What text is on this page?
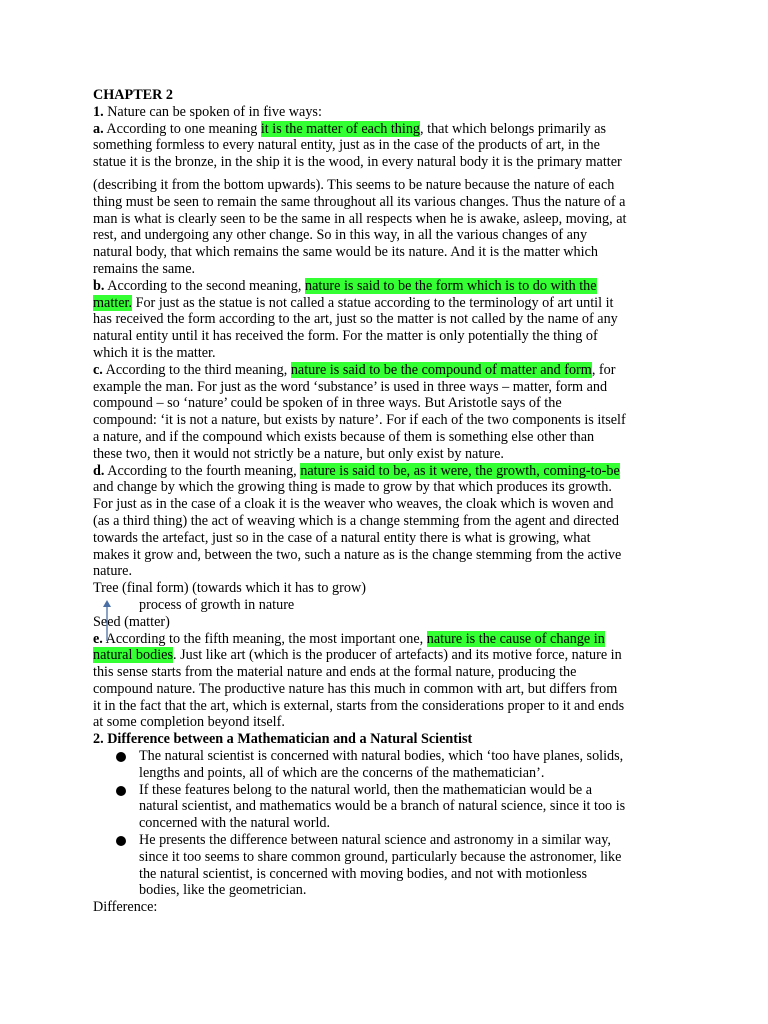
CHAPTER 2
1. Nature can be spoken of in five ways:
a. According to one meaning it is the matter of each thing, that which belongs primarily as
something formless to every natural entity, just as in the case of the products of art, in the
statue it is the bronze, in the ship it is the wood, in every natural body it is the primary matter
(describing it from the bottom upwards). This seems to be nature because the nature of each
thing must be seen to remain the same throughout all its various changes. Thus the nature of a
man is what is clearly seen to be the same in all respects when he is awake, asleep, moving, at
rest, and undergoing any other change. So in this way, in all the various changes of any
natural body, that which remains the same would be its nature. And it is the matter which
remains the same.
b. According to the second meaning, nature is said to be the form which is to do with the
matter. For just as the statue is not called a statue according to the terminology of art until it
has received the form according to the art, just so the matter is not called by the name of any
natural entity until it has received the form. For the matter is only potentially the thing of
which it is the matter.
c. According to the third meaning, nature is said to be the compound of matter and form, for
example the man. For just as the word ‘substance’ is used in three ways – matter, form and
compound – so ‘nature’ could be spoken of in three ways. But Aristotle says of the
compound: ‘it is not a nature, but exists by nature’. For if each of the two components is itself
a nature, and if the compound which exists because of them is something else other than
these two, then it would not strictly be a nature, but only exist by nature.
d. According to the fourth meaning, nature is said to be, as it were, the growth, coming-to-be
and change by which the growing thing is made to grow by that which produces its growth.
For just as in the case of a cloak it is the weaver who weaves, the cloak which is woven and
(as a third thing) the act of weaving which is a change stemming from the agent and directed
towards the artefact, just so in the case of a natural entity there is what is growing, what
makes it grow and, between the two, such a nature as is the change stemming from the active
nature.
Tree (final form) (towards which it has to grow)
process of growth in nature
Seed (matter)
e. According to the fifth meaning, the most important one, nature is the cause of change in
natural bodies. Just like art (which is the producer of artefacts) and its motive force, nature in
this sense starts from the material nature and ends at the formal nature, producing the
compound nature. The productive nature has this much in common with art, but differs from
it in the fact that the art, which is external, starts from the considerations proper to it and ends
at some completion beyond itself.
2. Difference between a Mathematician and a Natural Scientist
The natural scientist is concerned with natural bodies, which ‘too have planes, solids,
lengths and points, all of which are the concerns of the mathematician’.
If these features belong to the natural world, then the mathematician would be a
natural scientist, and mathematics would be a branch of natural science, since it too is
concerned with the natural world.
He presents the difference between natural science and astronomy in a similar way,
since it too seems to share common ground, particularly because the astronomer, like
the natural scientist, is concerned with moving bodies, and not with motionless
bodies, like the geometrician.
Difference:
